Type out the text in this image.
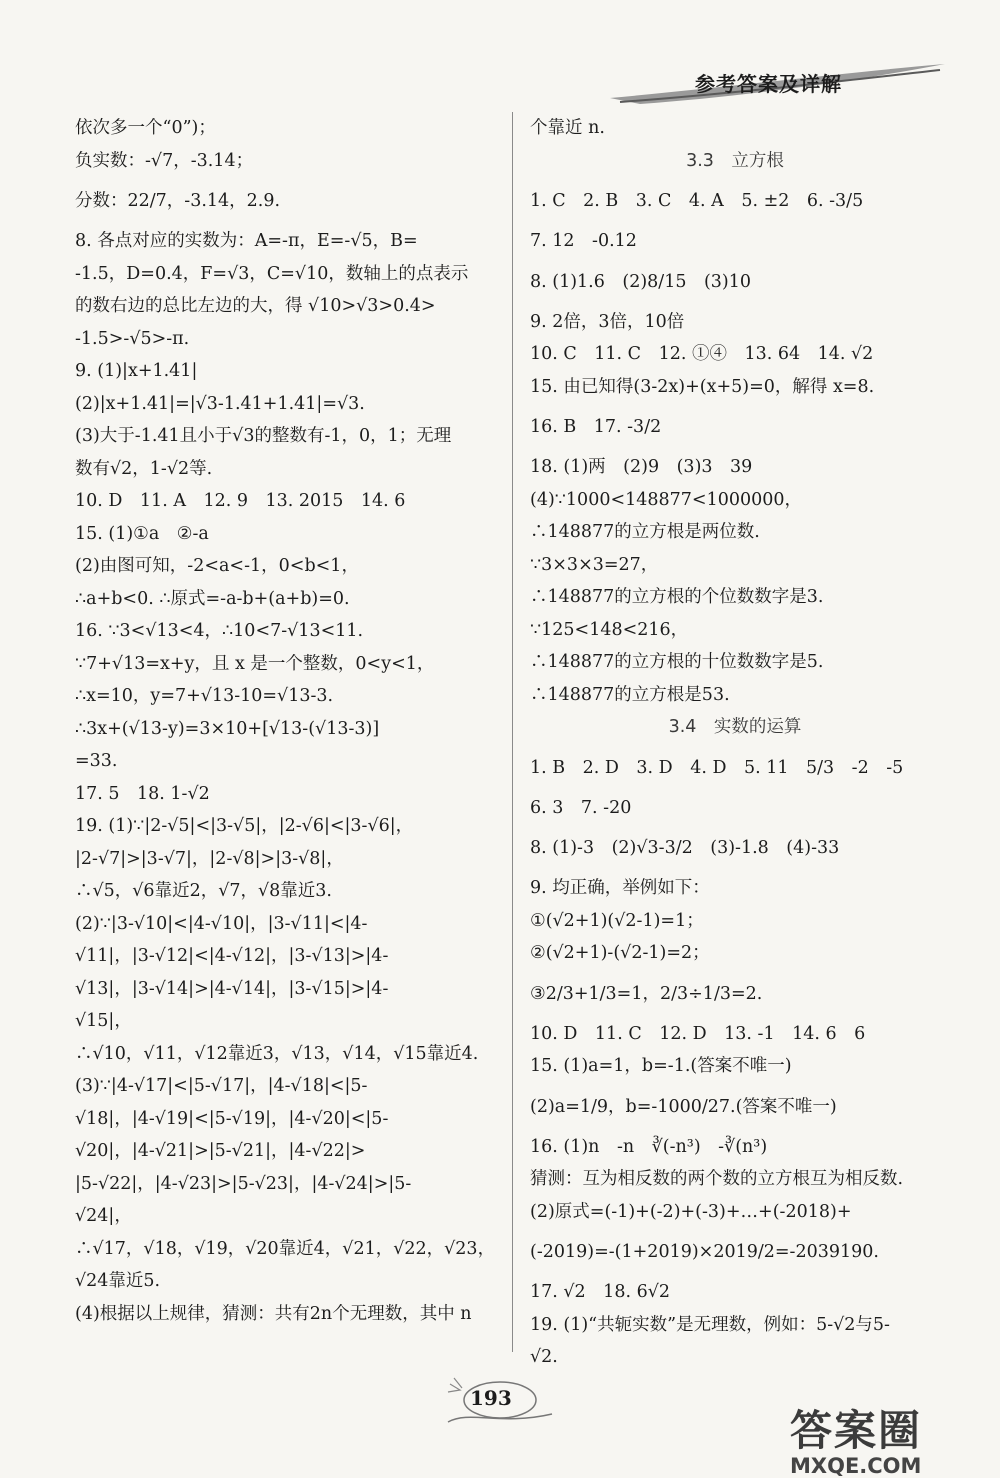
参考答案及详解
依次多一个“0”)；
负实数：-√7，-3.14；
分数：22/7，-3.14，2.9.
8. 各点对应的实数为：A=-π，E=-√5，B=
-1.5，D=0.4，F=√3，C=√10，数轴上的点表示
的数右边的总比左边的大，得 √10>√3>0.4>
-1.5>-√5>-π.
9. (1)|x+1.41|
(2)|x+1.41|=|√3-1.41+1.41|=√3.
(3)大于-1.41且小于√3的整数有-1，0，1；无理
数有√2，1-√2等.
10. D　11. A　12. 9　13. 2015　14. 6
15. (1)①a　②-a
(2)由图可知，-2<a<-1，0<b<1，
∴a+b<0. ∴原式=-a-b+(a+b)=0.
16. ∵3<√13<4，∴10<7-√13<11.
∵7+√13=x+y，且 x 是一个整数，0<y<1，
∴x=10，y=7+√13-10=√13-3.
∴3x+(√13-y)=3×10+[√13-(√13-3)]
=33.
17. 5　18. 1-√2
19. (1)∵|2-√5|<|3-√5|，|2-√6|<|3-√6|，
|2-√7|>|3-√7|，|2-√8|>|3-√8|，
∴√5，√6靠近2，√7，√8靠近3.
(2)∵|3-√10|<|4-√10|，|3-√11|<|4-
√11|，|3-√12|<|4-√12|，|3-√13|>|4-
√13|，|3-√14|>|4-√14|，|3-√15|>|4-
√15|，
∴√10，√11，√12靠近3，√13，√14，√15靠近4.
(3)∵|4-√17|<|5-√17|，|4-√18|<|5-
√18|，|4-√19|<|5-√19|，|4-√20|<|5-
√20|，|4-√21|>|5-√21|，|4-√22|>
|5-√22|，|4-√23|>|5-√23|，|4-√24|>|5-
√24|，
∴√17，√18，√19，√20靠近4，√21，√22，√23，
√24靠近5.
(4)根据以上规律，猜测：共有2n个无理数，其中 n
个靠近 n.
3.3　立方根
1. C　2. B　3. C　4. A　5. ±2　6. -3/5
7. 12　-0.12
8. (1)1.6　(2)8/15　(3)10
9. 2倍，3倍，10倍
10. C　11. C　12. ①④　13. 64　14. √2
15. 由已知得(3-2x)+(x+5)=0，解得 x=8.
16. B　17. -3/2
18. (1)两　(2)9　(3)3　39
(4)∵1000<148877<1000000，
∴148877的立方根是两位数.
∵3×3×3=27，
∴148877的立方根的个位数数字是3.
∵125<148<216，
∴148877的立方根的十位数数字是5.
∴148877的立方根是53.
3.4　实数的运算
1. B　2. D　3. D　4. D　5. 11　5/3　-2　-5
6. 3　7. -20
8. (1)-3　(2)√3-3/2　(3)-1.8　(4)-33
9. 均正确，举例如下：
①(√2+1)(√2-1)=1；
②(√2+1)-(√2-1)=2；
③2/3+1/3=1，2/3÷1/3=2.
10. D　11. C　12. D　13. -1　14. 6　6
15. (1)a=1，b=-1.(答案不唯一)
(2)a=1/9，b=-1000/27.(答案不唯一)
16. (1)n　-n　∛(-n³)　-∛(n³)
猜测：互为相反数的两个数的立方根互为相反数.
(2)原式=(-1)+(-2)+(-3)+…+(-2018)+
(-2019)=-(1+2019)×2019/2=-2039190.
17. √2　18. 6√2
19. (1)“共轭实数”是无理数，例如：5-√2与5-
√2.
193
答案圈
MXQE.COM
